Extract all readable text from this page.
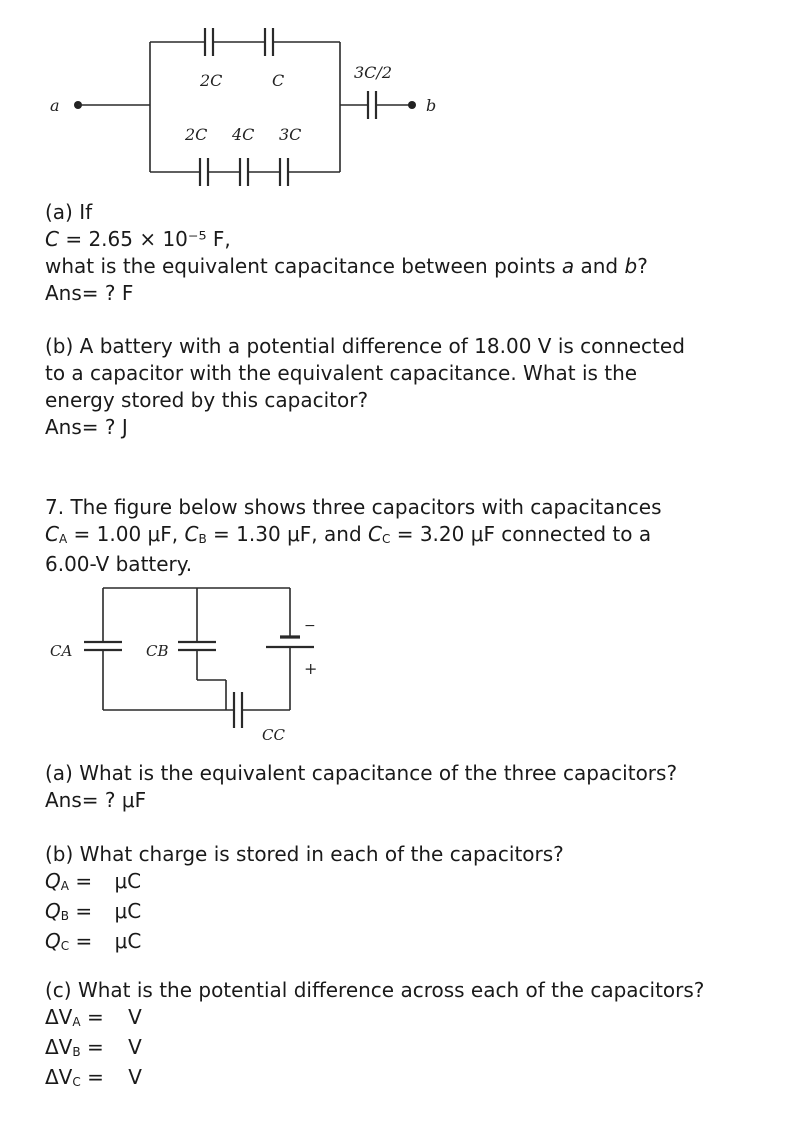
a
2C	C
b
3C/2
2C 4C 3C

(a) If

C = 2.65 × 10⁻⁵ F,

what is the equivalent capacitance between points a and b?

Ans= ? F

(b) A battery with a potential difference of 18.00 V is connected

to a capacitor with the equivalent capacitance. What is the

energy stored by this capacitor?

Ans= ? J

7. The figure below shows three capacitors with capacitances

$C_A = 1.00$ μF, $C_B = 1.30$ μF, and $C_C = 3.20$ μF connected to a

6.00-V battery.

−
+
CA	CB
CC

(a) What is the equivalent capacitance of the three capacitors?

Ans= ? μF

(b) What charge is stored in each of the capacitors?

$Q_A = \mu C$

$Q_B = \mu C$

$Q_C = \mu C$

(c) What is the potential difference across each of the capacitors?

$\Delta V_A = V$

$\Delta V_B = V$

$\Delta V_C = V$
